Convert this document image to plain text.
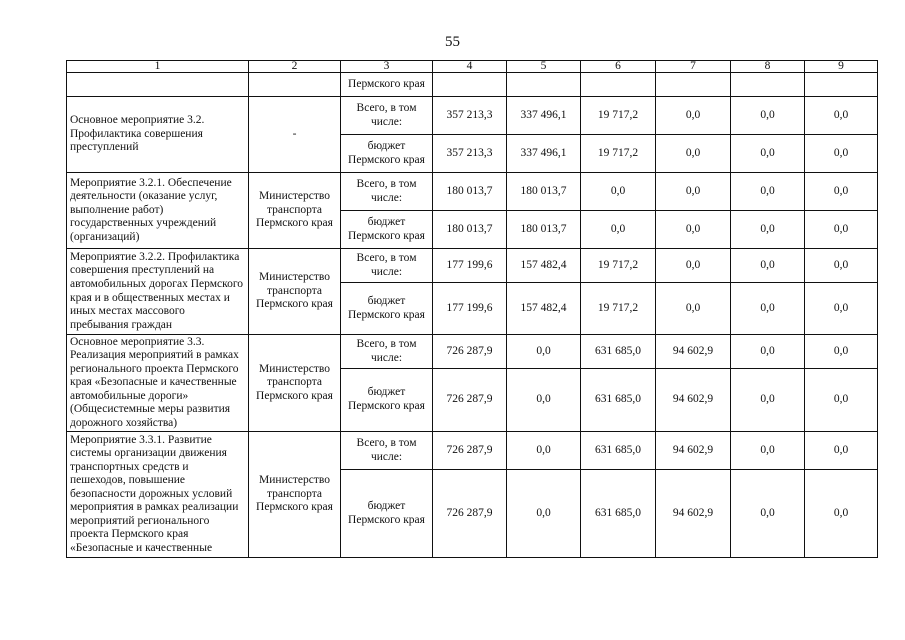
55
1	2	3	4	5	6	7	8	9
		Пермского края						
Основное мероприятие 3.2. Профилактика совершения преступлений	-	Всего, в том числе:	357 213,3	337 496,1	19 717,2	0,0	0,0	0,0
		бюджет Пермского края	357 213,3	337 496,1	19 717,2	0,0	0,0	0,0
Мероприятие 3.2.1. Обеспечение деятельности (оказание услуг, выполнение работ) государственных учреждений (организаций)	Министерство транспорта Пермского края	Всего, в том числе:	180 013,7	180 013,7	0,0	0,0	0,0	0,0
		бюджет Пермского края	180 013,7	180 013,7	0,0	0,0	0,0	0,0
Мероприятие 3.2.2. Профилактика совершения преступлений на автомобильных дорогах Пермского края и в общественных местах и иных местах массового пребывания граждан	Министерство транспорта Пермского края	Всего, в том числе:	177 199,6	157 482,4	19 717,2	0,0	0,0	0,0
		бюджет Пермского края	177 199,6	157 482,4	19 717,2	0,0	0,0	0,0
Основное мероприятие 3.3. Реализация мероприятий в рамках регионального проекта Пермского края «Безопасные и качественные автомобильные дороги» (Общесистемные меры развития дорожного хозяйства)	Министерство транспорта Пермского края	Всего, в том числе:	726 287,9	0,0	631 685,0	94 602,9	0,0	0,0
		бюджет Пермского края	726 287,9	0,0	631 685,0	94 602,9	0,0	0,0
Мероприятие 3.3.1. Развитие системы организации движения транспортных средств и пешеходов, повышение безопасности дорожных условий мероприятия в рамках реализации мероприятий регионального проекта Пермского края «Безопасные и качественные	Министерство транспорта Пермского края	Всего, в том числе:	726 287,9	0,0	631 685,0	94 602,9	0,0	0,0
		бюджет Пермского края	726 287,9	0,0	631 685,0	94 602,9	0,0	0,0
